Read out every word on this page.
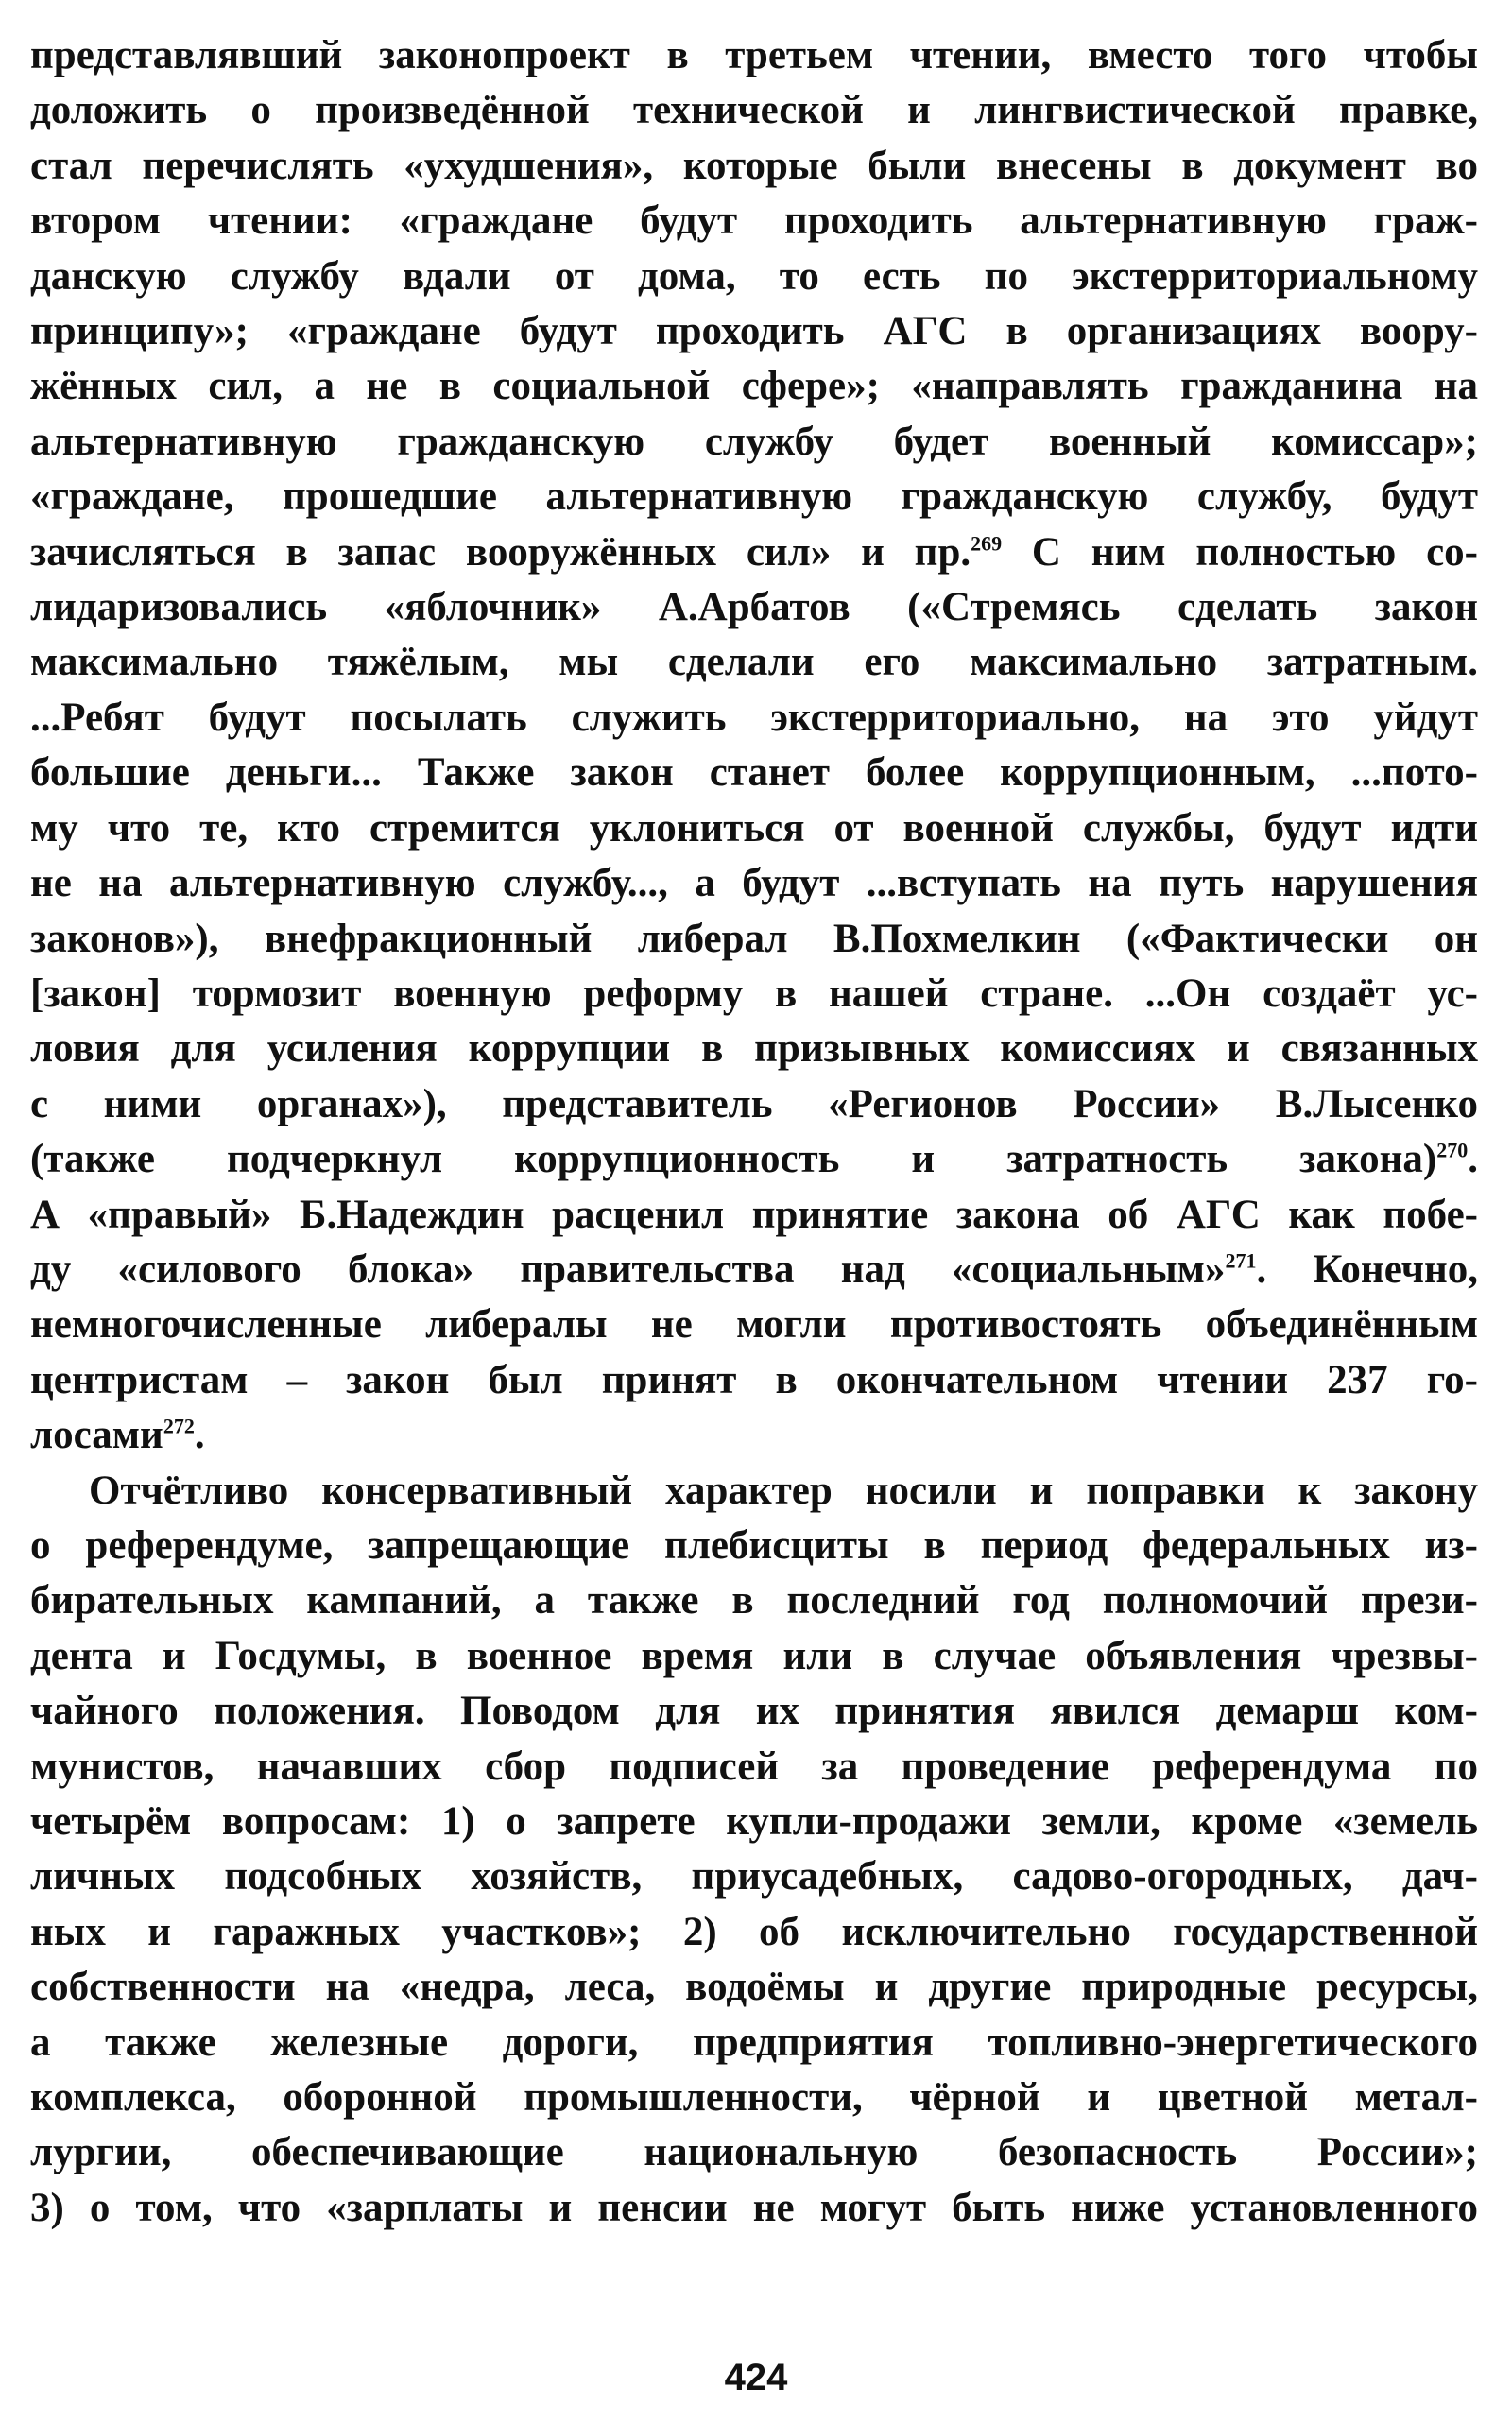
представлявший законопроект в третьем чтении, вместо того чтобы
доложить о произведённой технической и лингвистической правке,
стал перечислять «ухудшения», которые были внесены в документ во
втором чтении: «граждане будут проходить альтернативную граж-
данскую службу вдали от дома, то есть по экстерриториальному
принципу»; «граждане будут проходить АГС в организациях воору-
жённых сил, а не в социальной сфере»; «направлять гражданина на
альтернативную гражданскую службу будет военный комиссар»;
«граждане, прошедшие альтернативную гражданскую службу, будут
зачисляться в запас вооружённых сил» и пр.$^{269}$ С ним полностью со-
лидаризовались «яблочник» А.Арбатов («Стремясь сделать закон
максимально тяжёлым, мы сделали его максимально затратным.
...Ребят будут посылать служить экстерриториально, на это уйдут
большие деньги... Также закон станет более коррупционным, ...пото-
му что те, кто стремится уклониться от военной службы, будут идти
не на альтернативную службу..., а будут ...вступать на путь нарушения
законов»), внефракционный либерал В.Похмелкин («Фактически он
[закон] тормозит военную реформу в нашей стране. ...Он создаёт ус-
ловия для усиления коррупции в призывных комиссиях и связанных
с ними органах»), представитель «Регионов России» В.Лысенко
(также подчеркнул коррупционность и затратность закона)$^{270}$.
А «правый» Б.Надеждин расценил принятие закона об АГС как побе-
ду «силового блока» правительства над «социальным»$^{271}$. Конечно,
немногочисленные либералы не могли противостоять объединённым
центристам – закон был принят в окончательном чтении 237 го-
лосами$^{272}$.
Отчётливо консервативный характер носили и поправки к закону
о референдуме, запрещающие плебисциты в период федеральных из-
бирательных кампаний, а также в последний год полномочий прези-
дента и Госдумы, в военное время или в случае объявления чрезвы-
чайного положения. Поводом для их принятия явился демарш ком-
мунистов, начавших сбор подписей за проведение референдума по
четырём вопросам: 1) о запрете купли-продажи земли, кроме «земель
личных подсобных хозяйств, приусадебных, садово-огородных, дач-
ных и гаражных участков»; 2) об исключительно государственной
собственности на «недра, леса, водоёмы и другие природные ресурсы,
а также железные дороги, предприятия топливно-энергетического
комплекса, оборонной промышленности, чёрной и цветной метал-
лургии, обеспечивающие национальную безопасность России»;
3) о том, что «зарплаты и пенсии не могут быть ниже установленного
424
